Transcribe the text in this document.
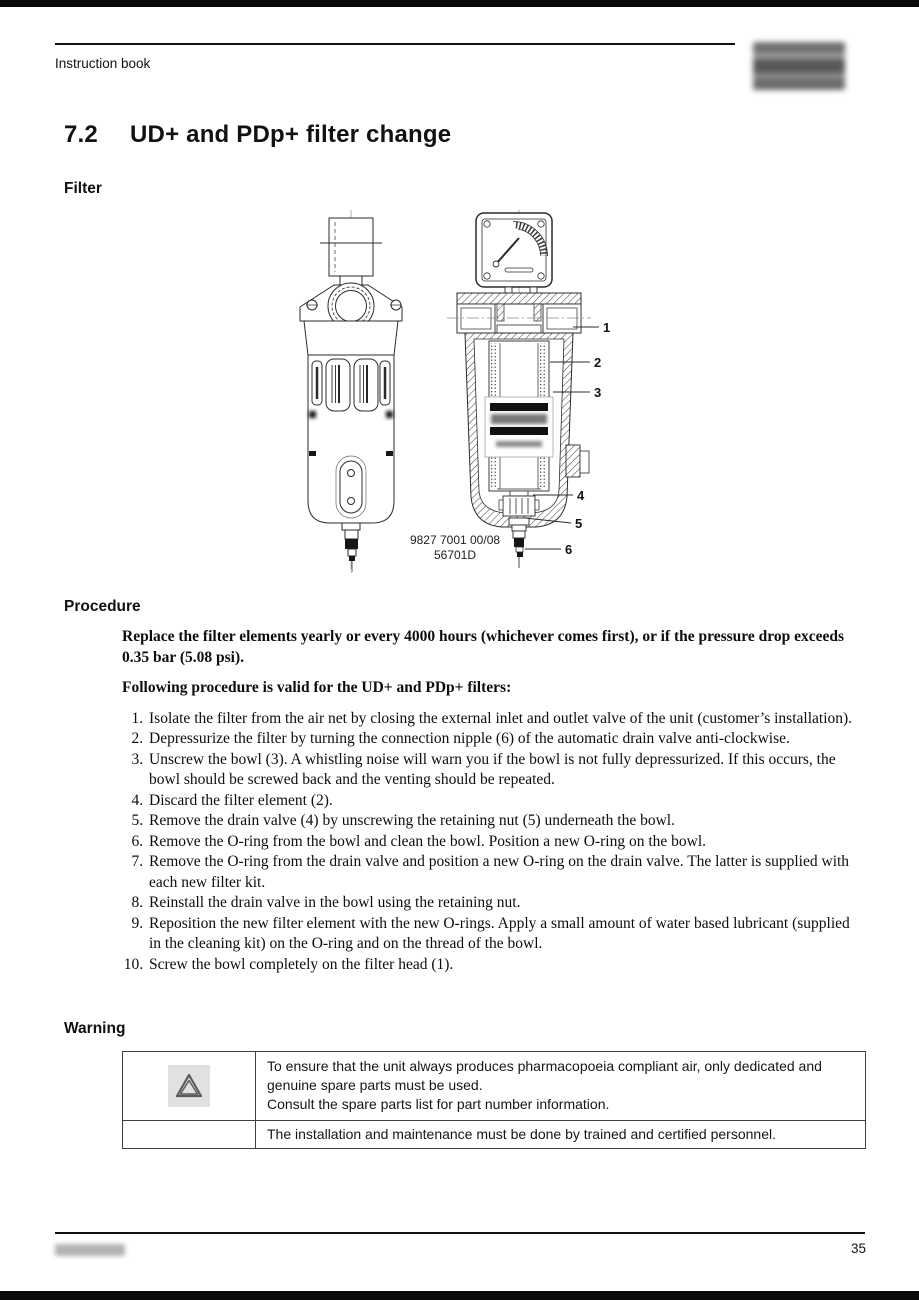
Instruction book
7.2	UD+ and PDp+ filter change
Filter
1
2
3
4
5
6
9827 7001 00/08
56701D
Procedure

Replace the filter elements yearly or every 4000 hours (whichever comes first), or if the pressure drop exceeds 0.35 bar (5.08 psi).

Following procedure is valid for the UD+ and PDp+ filters:

1. Isolate the filter from the air net by closing the external inlet and outlet valve of the unit (customer’s installation).
2. Depressurize the filter by turning the connection nipple (6) of the automatic drain valve anti-clockwise.
3. Unscrew the bowl (3). A whistling noise will warn you if the bowl is not fully depressurized. If this occurs, the bowl should be screwed back and the venting should be repeated.
4. Discard the filter element (2).
5. Remove the drain valve (4) by unscrewing the retaining nut (5) underneath the bowl.
6. Remove the O-ring from the bowl and clean the bowl. Position a new O-ring on the bowl.
7. Remove the O-ring from the drain valve and position a new O-ring on the drain valve. The latter is supplied with each new filter kit.
8. Reinstall the drain valve in the bowl using the retaining nut.
9. Reposition the new filter element with the new O-rings. Apply a small amount of water based lubricant (supplied in the cleaning kit) on the O-ring and on the thread of the bowl.
10. Screw the bowl completely on the filter head (1).
Warning
To ensure that the unit always produces pharmacopoeia compliant air, only dedicated and genuine spare parts must be used.
Consult the spare parts list for part number information.
The installation and maintenance must be done by trained and certified personnel.
35
